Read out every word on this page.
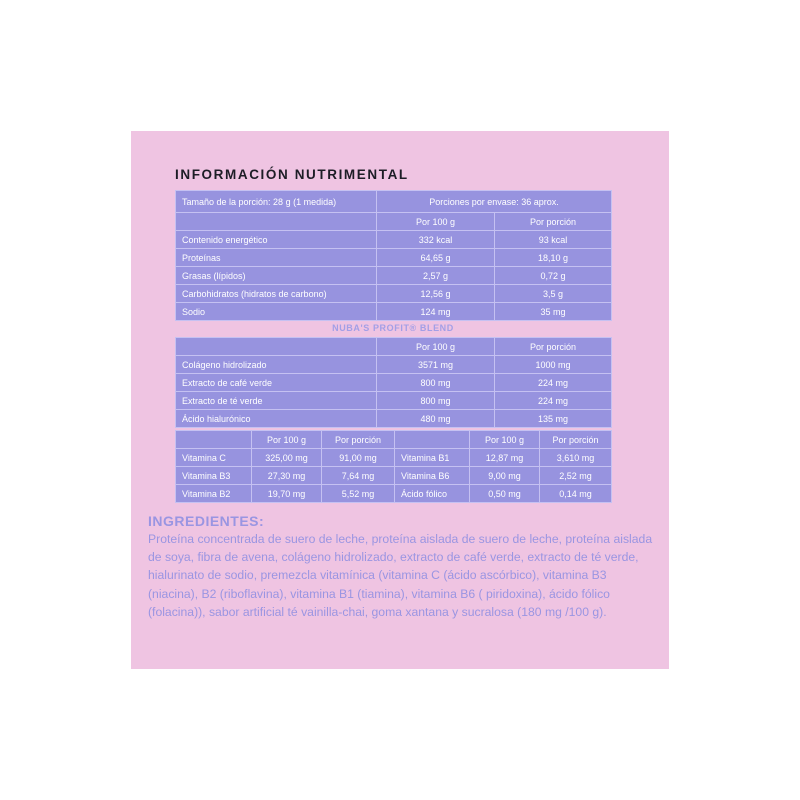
INFORMACIÓN NUTRIMENTAL
Tamaño de la porción: 28 g (1 medida)	Porciones por envase: 36 aprox.	
	Por 100 g	Por porción
Contenido energético	332 kcal	93 kcal
Proteínas	64,65 g	18,10 g
Grasas (lípidos)	2,57 g	0,72 g
Carbohidratos (hidratos de carbono)	12,56 g	3,5 g
Sodio	124 mg	35 mg
NUBA'S PROFIT® BLEND
	Por 100 g	Por porción
Colágeno hidrolizado	3571 mg	1000 mg
Extracto de café verde	800 mg	224 mg
Extracto de té verde	800 mg	224 mg
Ácido hialurónico	480 mg	135 mg
	Por 100 g	Por porción		Por 100 g	Por porción
Vitamina C	325,00 mg	91,00 mg	Vitamina B1	12,87 mg	3,610 mg
Vitamina B3	27,30 mg	7,64 mg	Vitamina B6	9,00 mg	2,52 mg
Vitamina B2	19,70 mg	5,52 mg	Ácido fólico	0,50 mg	0,14 mg
INGREDIENTES:

Proteína concentrada de suero de leche, proteína aislada de suero de leche, proteína aislada de soya, fibra de avena, colágeno hidrolizado, extracto de café verde, extracto de té verde, hialurinato de sodio, premezcla vitamínica (vitamina C (ácido ascórbico), vitamina B3 (niacina), B2 (riboflavina), vitamina B1 (tiamina), vitamina B6 ( piridoxina), ácido fólico (folacina)), sabor artificial té vainilla-chai, goma xantana y sucralosa (180 mg /100 g).
